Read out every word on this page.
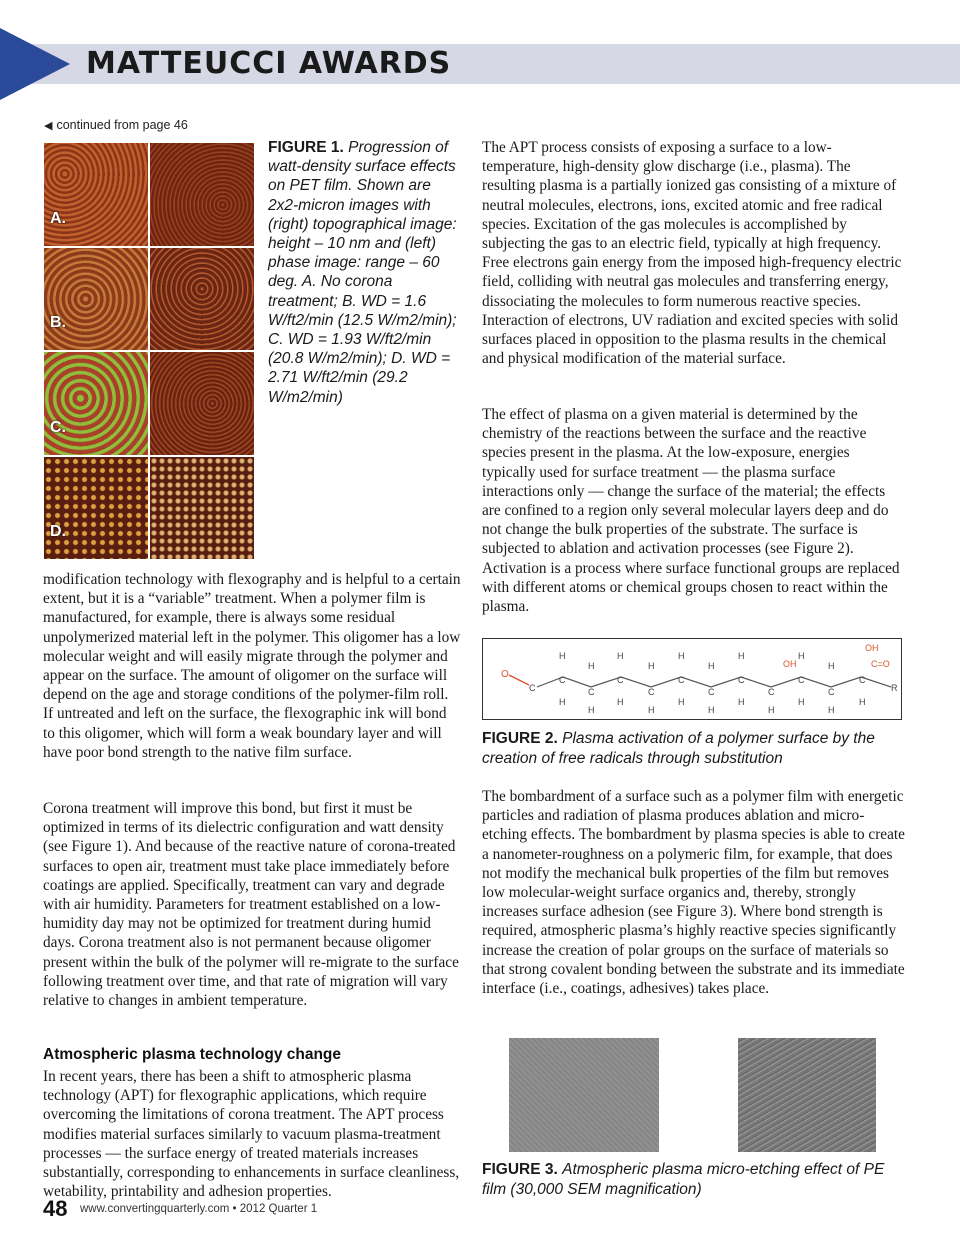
MATTEUCCI AWARDS
◀ continued from page 46
A.
B.
C.
D.
FIGURE 1. Progression of watt-density surface effects on PET film. Shown are 2x2-micron images with (right) topographical image: height – 10 nm and (left) phase image: range – 60 deg. A. No corona treatment; B. WD = 1.6 W/ft2/min (12.5 W/m2/min); C. WD = 1.93 W/ft2/min (20.8 W/m2/min); D. WD = 2.71 W/ft2/min (29.2 W/m2/min)

modification technology with flexography and is helpful to a certain extent, but it is a “variable” treatment. When a polymer film is manufactured, for example, there is always some residual unpolymerized material left in the polymer. This oligomer has a low molecular weight and will easily migrate through the polymer and appear on the surface. The amount of oligomer on the surface will depend on the age and storage conditions of the polymer-film roll. If untreated and left on the surface, the flexographic ink will bond to this oligomer, which will form a weak boundary layer and will have poor bond strength to the native film surface.

Corona treatment will improve this bond, but first it must be optimized in terms of its dielectric configuration and watt density (see Figure 1). And because of the reactive nature of corona-treated surfaces to open air, treatment must take place immediately before coatings are applied. Specifically, treatment can vary and degrade with air humidity. Parameters for treatment established on a low-humidity day may not be optimized for treatment during humid days. Corona treatment also is not permanent because oligomer present within the bulk of the polymer will re-migrate to the surface following treatment over time, and that rate of migration will vary relative to changes in ambient temperature.

Atmospheric plasma technology change

In recent years, there has been a shift to atmospheric plasma technology (APT) for flexographic applications, which require overcoming the limitations of corona treatment. The APT process modifies material surfaces similarly to vacuum plasma-treatment processes — the surface energy of treated materials increases substantially, corresponding to enhancements in surface cleanliness, wetability, printability and adhesion properties.

The APT process consists of exposing a surface to a low-temperature, high-density glow discharge (i.e., plasma). The resulting plasma is a partially ionized gas consisting of a mixture of neutral molecules, electrons, ions, excited atomic and free radical species. Excitation of the gas molecules is accomplished by subjecting the gas to an electric field, typically at high frequency. Free electrons gain energy from the imposed high-frequency electric field, colliding with neutral gas molecules and transferring energy, dissociating the molecules to form numerous reactive species. Interaction of electrons, UV radiation and excited species with solid surfaces placed in opposition to the plasma results in the chemical and physical modification of the material surface.

The effect of plasma on a given material is determined by the chemistry of the reactions between the surface and the reactive species present in the plasma. At the low-exposure, energies typically used for surface treatment — the plasma surface interactions only — change the surface of the material; the effects are confined to a region only several molecular layers deep and do not change the bulk properties of the substrate. The surface is subjected to ablation and activation processes (see Figure 2). Activation is a process where surface functional groups are replaced with different atoms or chemical groups chosen to react within the plasma.

O
C
H
C
H
H
C
H
H
C
H
H
C
H
H
C
H
H
C
H
H
C
H
OH
C
H
H
C
H
H
C
H
OH
C=O
C
H
R
FIGURE 2. Plasma activation of a polymer surface by the creation of free radicals through substitution

The bombardment of a surface such as a polymer film with energetic particles and radiation of plasma produces ablation and micro-etching effects. The bombardment by plasma species is able to create a nanometer-roughness on a polymeric film, for example, that does not modify the mechanical bulk properties of the film but removes low molecular-weight surface organics and, thereby, strongly increases surface adhesion (see Figure 3). Where bond strength is required, atmospheric plasma’s highly reactive species significantly increase the creation of polar groups on the surface of materials so that strong covalent bonding between the substrate and its immediate interface (i.e., coatings, adhesives) takes place.

FIGURE 3. Atmospheric plasma micro-etching effect of PE film (30,000 SEM magnification)
48 www.convertingquarterly.com • 2012 Quarter 1
